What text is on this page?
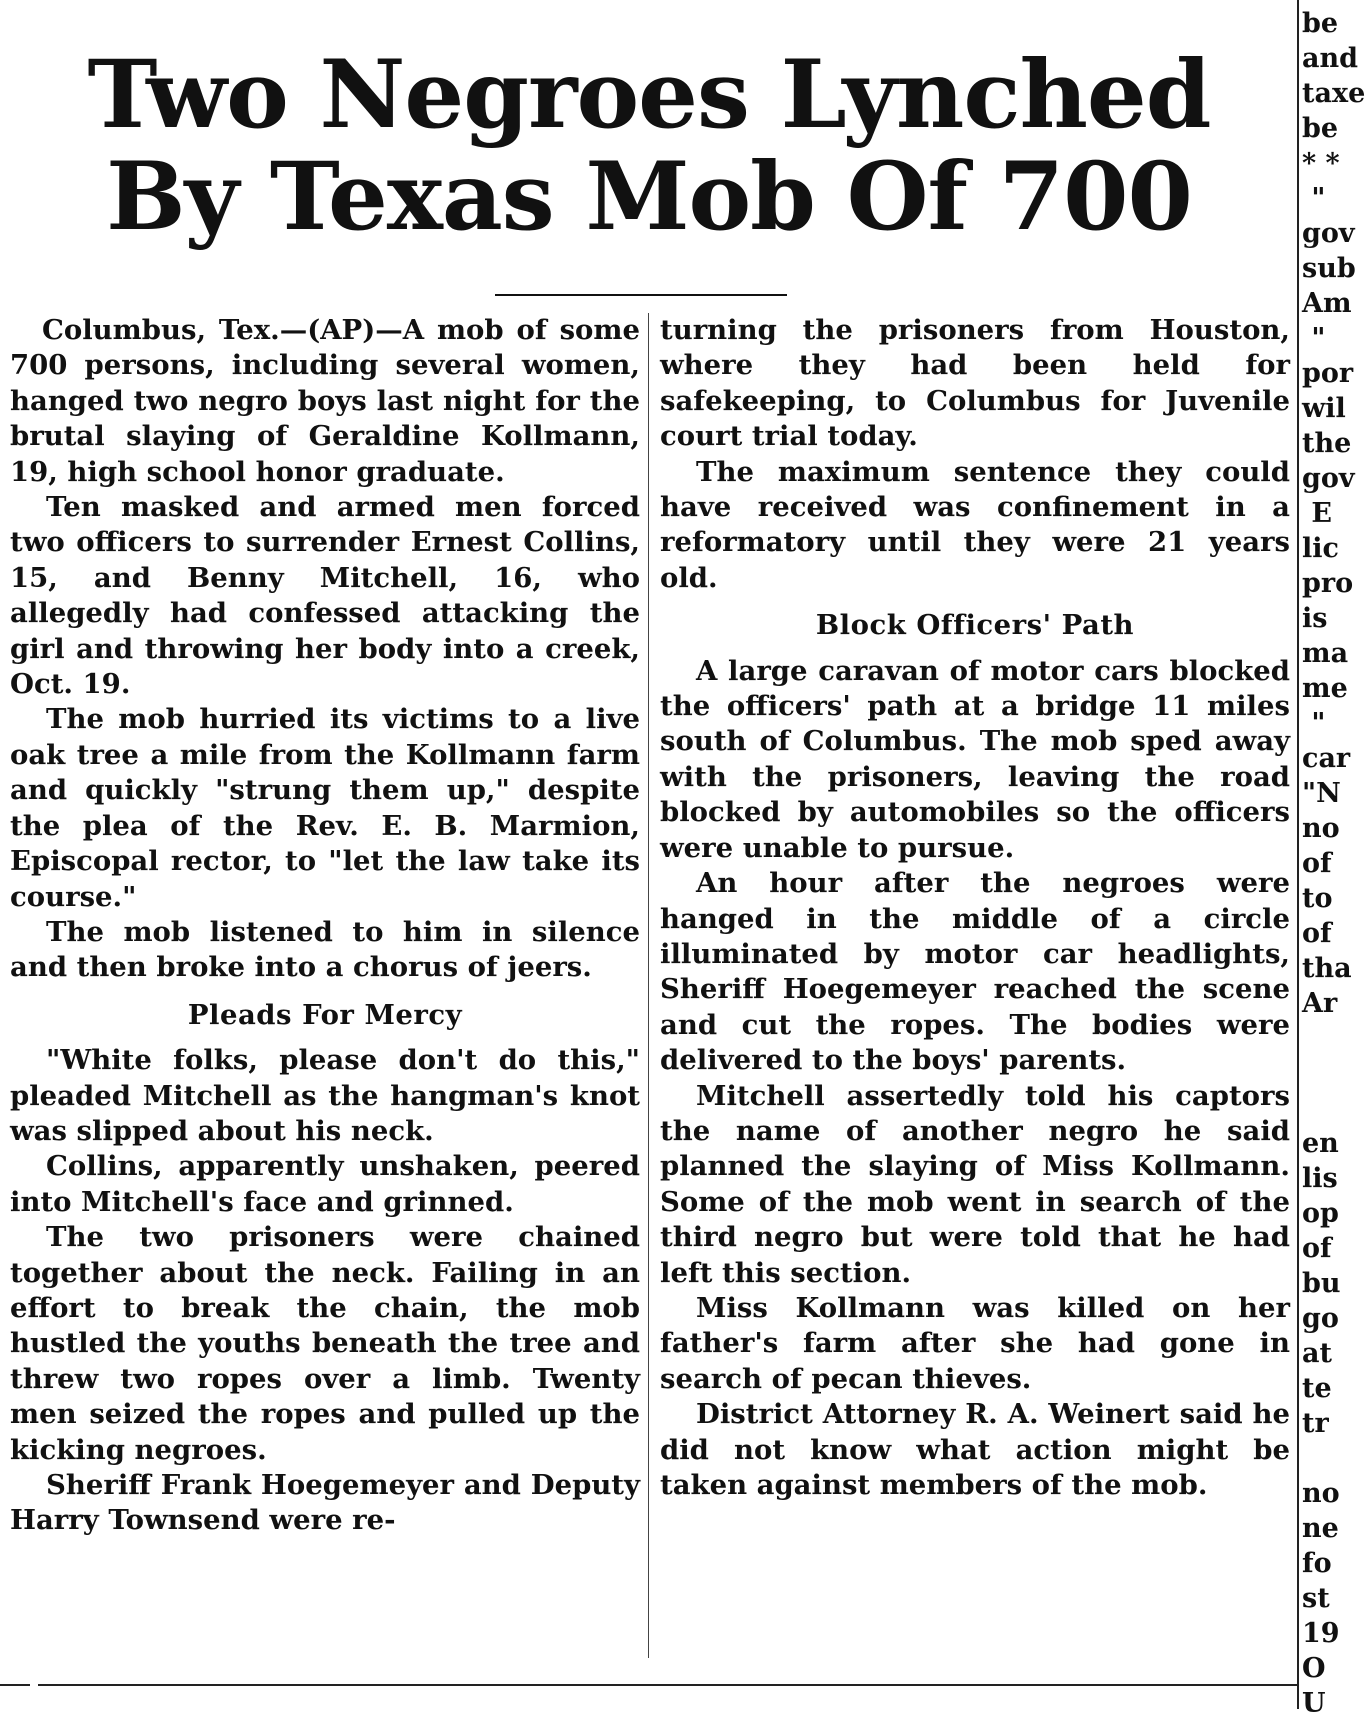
Two Negroes Lynched
By Texas Mob Of 700

Columbus, Tex.—(AP)—A mob of some 700 persons, including several women, hanged two negro boys last night for the brutal slaying of Geraldine Kollmann, 19, high school honor graduate.

Ten masked and armed men forced two officers to surrender Ernest Collins, 15, and Benny Mitchell, 16, who allegedly had confessed attacking the girl and throwing her body into a creek, Oct. 19.

The mob hurried its victims to a live oak tree a mile from the Kollmann farm and quickly "strung them up," despite the plea of the Rev. E. B. Marmion, Episcopal rector, to "let the law take its course."

The mob listened to him in silence and then broke into a chorus of jeers.

Pleads For Mercy

"White folks, please don't do this," pleaded Mitchell as the hangman's knot was slipped about his neck.

Collins, apparently unshaken, peered into Mitchell's face and grinned.

The two prisoners were chained together about the neck. Failing in an effort to break the chain, the mob hustled the youths beneath the tree and threw two ropes over a limb. Twenty men seized the ropes and pulled up the kicking negroes.

Sheriff Frank Hoegemeyer and Deputy Harry Townsend were re-

turning the prisoners from Houston, where they had been held for safekeeping, to Columbus for Juvenile court trial today.

The maximum sentence they could have received was confinement in a reformatory until they were 21 years old.

Block Officers' Path

A large caravan of motor cars blocked the officers' path at a bridge 11 miles south of Columbus. The mob sped away with the prisoners, leaving the road blocked by automobiles so the officers were unable to pursue.

An hour after the negroes were hanged in the middle of a circle illuminated by motor car headlights, Sheriff Hoegemeyer reached the scene and cut the ropes. The bodies were delivered to the boys' parents.

Mitchell assertedly told his captors the name of another negro he said planned the slaying of Miss Kollmann. Some of the mob went in search of the third negro but were told that he had left this section.

Miss Kollmann was killed on her father's farm after she had gone in search of pecan thieves.

District Attorney R. A. Weinert said he did not know what action might be taken against members of the mob.

be
and
taxe
be
* *
"
gov
sub
Am
"
por
wil
the
gov
E
lic
pro
is
ma
me
"
car
"N
no
of
to
of
tha
Ar

en
lis
op
of
bu
go
at
te
tr

no
ne
fo
st
19
O
U
